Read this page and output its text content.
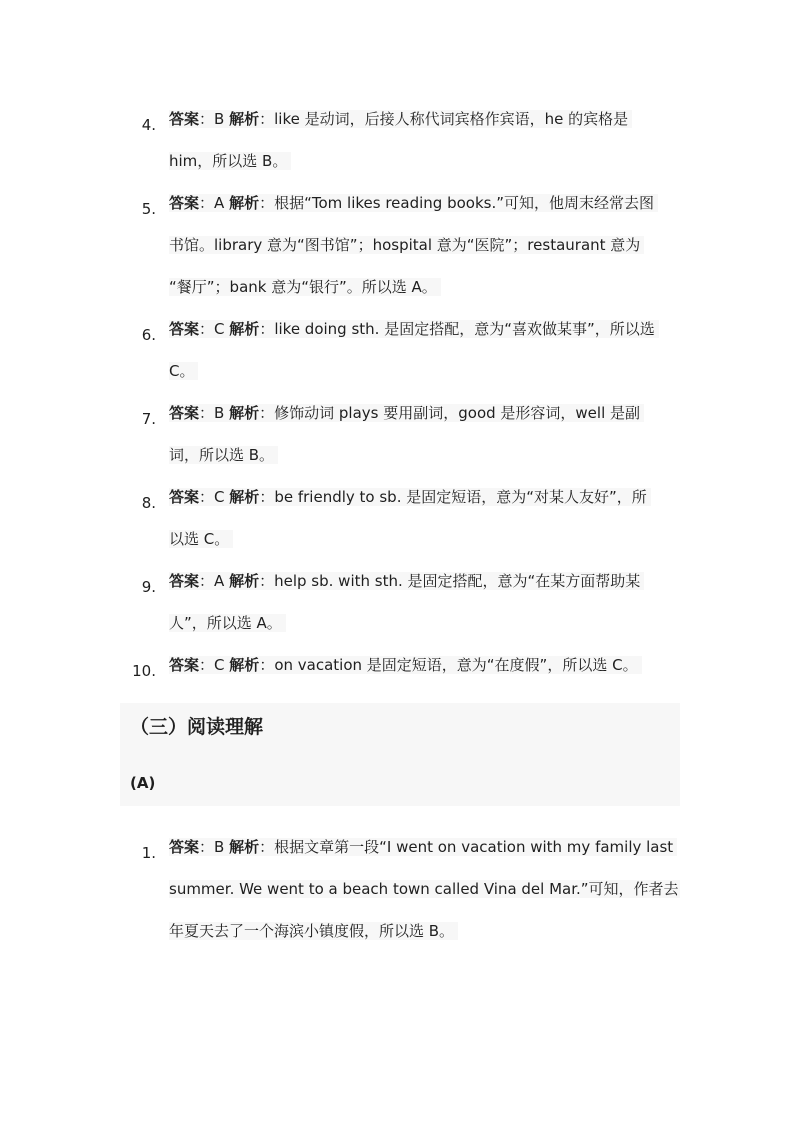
4. 答案：B 解析：like 是动词，后接人称代词宾格作宾语，he 的宾格是
him，所以选 B。
5. 答案：A 解析：根据“Tom likes reading books.”可知，他周末经常去图
书馆。library 意为“图书馆”；hospital 意为“医院”；restaurant 意为
“餐厅”；bank 意为“银行”。所以选 A。
6. 答案：C 解析：like doing sth. 是固定搭配，意为“喜欢做某事”，所以选
C。
7. 答案：B 解析：修饰动词 plays 要用副词，good 是形容词，well 是副
词，所以选 B。
8. 答案：C 解析：be friendly to sb. 是固定短语，意为“对某人友好”，所
以选 C。
9. 答案：A 解析：help sb. with sth. 是固定搭配，意为“在某方面帮助某
人”，所以选 A。
10. 答案：C 解析：on vacation 是固定短语，意为“在度假”，所以选 C。
（三）阅读理解
(A)
1. 答案：B 解析：根据文章第一段“I went on vacation with my family last
summer. We went to a beach town called Vina del Mar.”可知，作者去
年夏天去了一个海滨小镇度假，所以选 B。
